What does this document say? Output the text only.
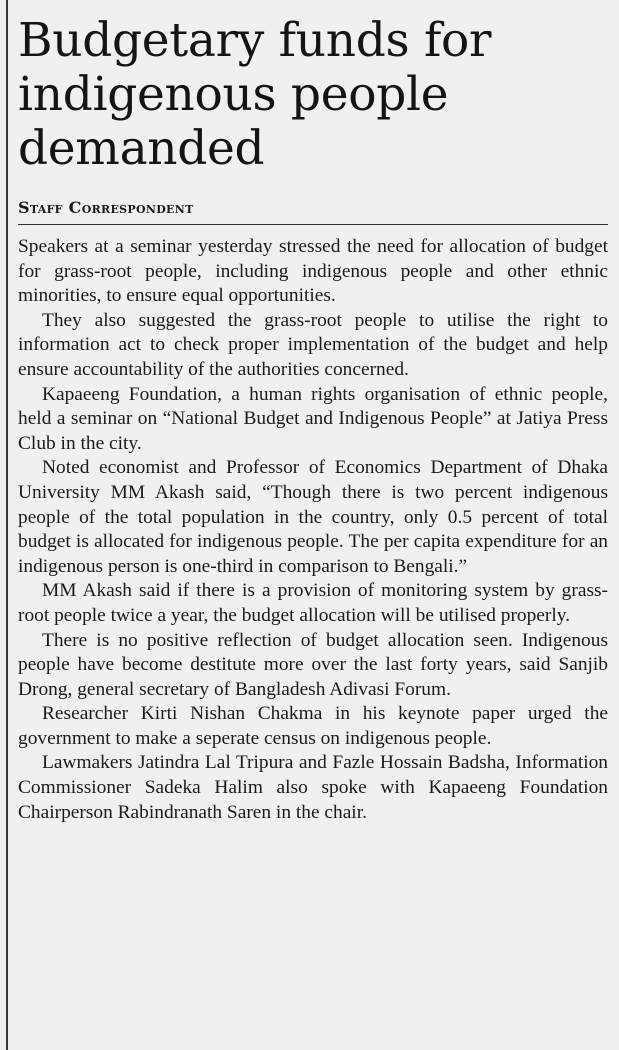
Budgetary funds for indigenous people demanded
Staff Correspondent

Speakers at a seminar yesterday stressed the need for allocation of budget for grass-root people, including indigenous people and other ethnic minorities, to ensure equal opportunities.

They also suggested the grass-root people to utilise the right to information act to check proper implementation of the budget and help ensure accountability of the authorities concerned.

Kapaeeng Foundation, a human rights organisation of ethnic people, held a seminar on “National Budget and Indigenous People” at Jatiya Press Club in the city.

Noted economist and Professor of Economics Department of Dhaka University MM Akash said, “Though there is two percent indigenous people of the total population in the country, only 0.5 percent of total budget is allocated for indigenous people. The per capita expenditure for an indigenous person is one-third in comparison to Bengali.”

MM Akash said if there is a provision of monitoring system by grass-root people twice a year, the budget allocation will be utilised properly.

There is no positive reflection of budget allocation seen. Indigenous people have become destitute more over the last forty years, said Sanjib Drong, general secretary of Bangladesh Adivasi Forum.

Researcher Kirti Nishan Chakma in his keynote paper urged the government to make a seperate census on indigenous people.

Lawmakers Jatindra Lal Tripura and Fazle Hossain Badsha, Information Commissioner Sadeka Halim also spoke with Kapaeeng Foundation Chairperson Rabindranath Saren in the chair.
